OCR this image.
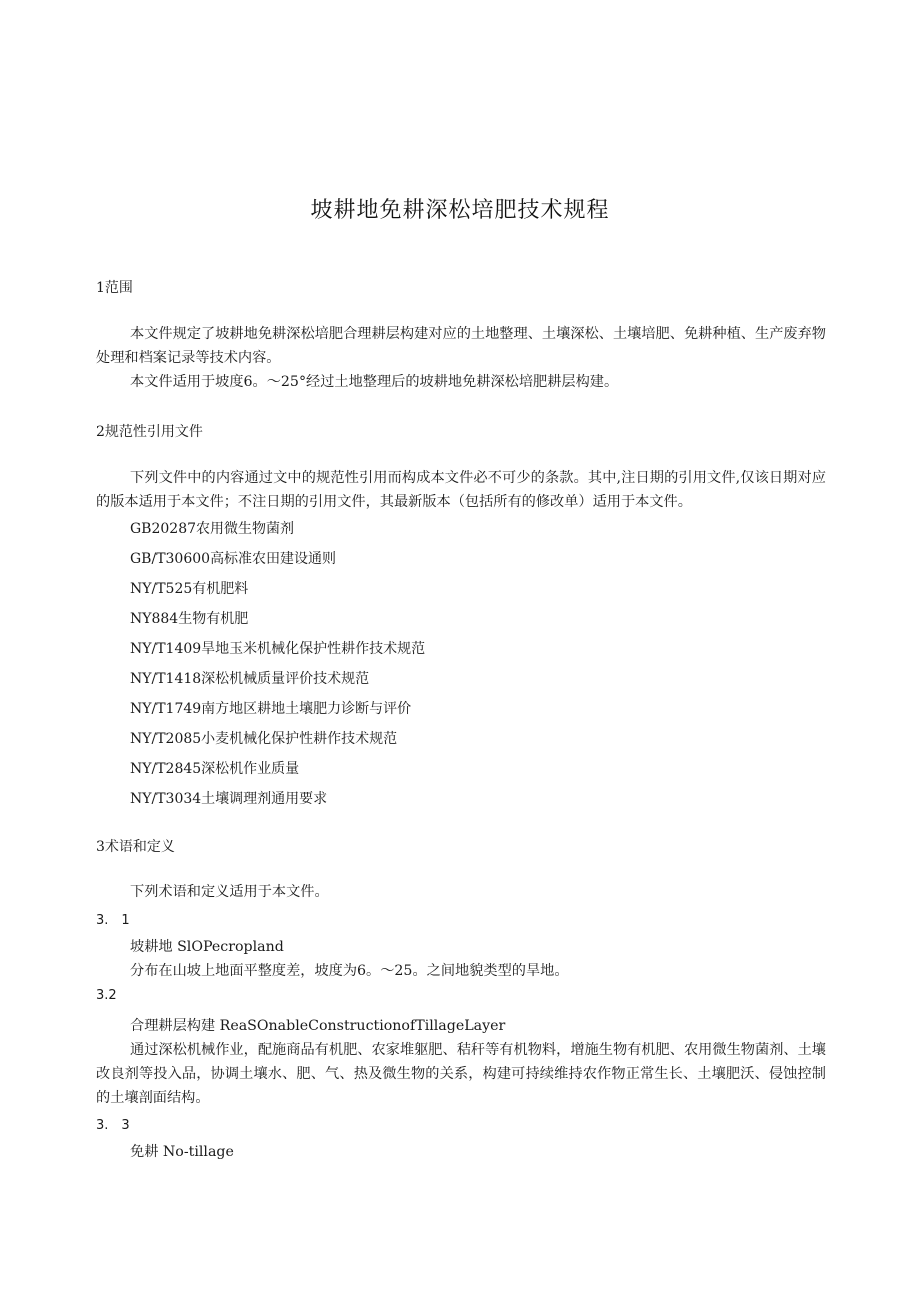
坡耕地免耕深松培肥技术规程
1范围
本文件规定了坡耕地免耕深松培肥合理耕层构建对应的土地整理、土壤深松、土壤培肥、免耕种植、生产废弃物处理和档案记录等技术内容。
本文件适用于坡度6。～25°经过土地整理后的坡耕地免耕深松培肥耕层构建。
2规范性引用文件
下列文件中的内容通过文中的规范性引用而构成本文件必不可少的条款。其中,注日期的引用文件,仅该日期对应的版本适用于本文件；不注日期的引用文件，其最新版本（包括所有的修改单）适用于本文件。
GB20287农用微生物菌剂
GB/T30600高标准农田建设通则
NY/T525有机肥料
NY884生物有机肥
NY/T1409旱地玉米机械化保护性耕作技术规范
NY/T1418深松机械质量评价技术规范
NY/T1749南方地区耕地土壤肥力诊断与评价
NY/T2085小麦机械化保护性耕作技术规范
NY/T2845深松机作业质量
NY/T3034土壤调理剂通用要求
3术语和定义
下列术语和定义适用于本文件。
3.　1
坡耕地 SlOPecropland
分布在山坡上地面平整度差，坡度为6。～25。之间地貌类型的旱地。
3.2
合理耕层构建 ReaSOnableConstructionofTillageLayer
通过深松机械作业，配施商品有机肥、农家堆躯肥、秸秆等有机物料，增施生物有机肥、农用微生物菌剂、土壤改良剂等投入品，协调土壤水、肥、气、热及微生物的关系，构建可持续维持农作物正常生长、土壤肥沃、侵蚀控制的土壤剖面结构。
3.　3
免耕 No-tillage
